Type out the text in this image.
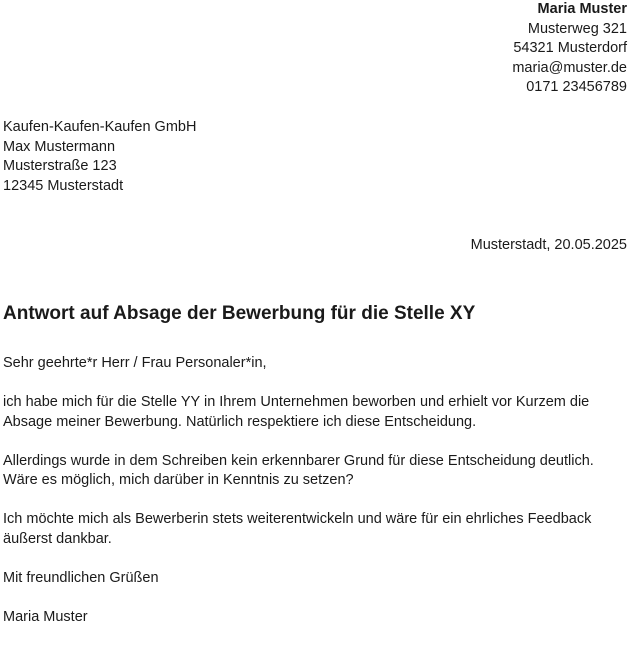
Maria Muster
Musterweg 321
54321 Musterdorf
maria@muster.de
0171 23456789
Kaufen-Kaufen-Kaufen GmbH
Max Mustermann
Musterstraße 123
12345 Musterstadt
Musterstadt, 20.05.2025
Antwort auf Absage der Bewerbung für die Stelle XY

Sehr geehrte*r Herr / Frau Personaler*in,

ich habe mich für die Stelle YY in Ihrem Unternehmen beworben und erhielt vor Kurzem die Absage meiner Bewerbung. Natürlich respektiere ich diese Entscheidung.

Allerdings wurde in dem Schreiben kein erkennbarer Grund für diese Entscheidung deutlich. Wäre es möglich, mich darüber in Kenntnis zu setzen?

Ich möchte mich als Bewerberin stets weiterentwickeln und wäre für ein ehrliches Feedback äußerst dankbar.

Mit freundlichen Grüßen

Maria Muster
